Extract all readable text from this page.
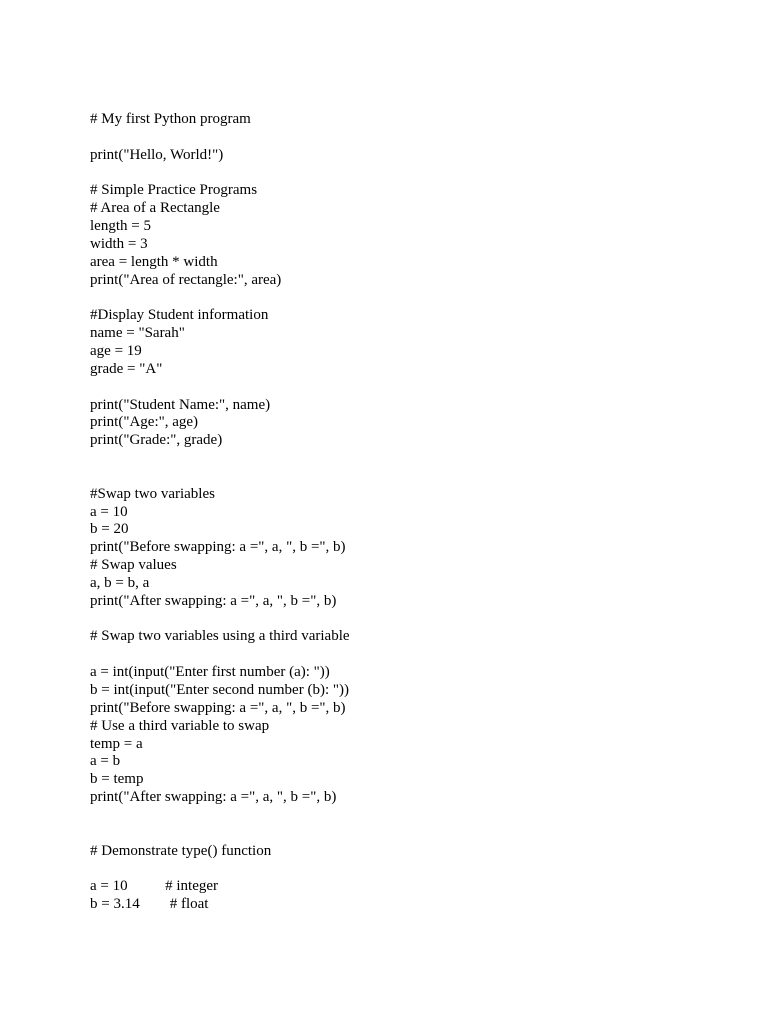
# My first Python program
print("Hello, World!")
# Simple Practice Programs
# Area of a Rectangle
length = 5
width = 3
area = length * width
print("Area of rectangle:", area)
#Display Student information
name = "Sarah"
age = 19
grade = "A"
print("Student Name:", name)
print("Age:", age)
print("Grade:", grade)
#Swap two variables
a = 10
b = 20
print("Before swapping: a =", a, ", b =", b)
# Swap values
a, b = b, a
print("After swapping: a =", a, ", b =", b)
# Swap two variables using a third variable
a = int(input("Enter first number (a): "))
b = int(input("Enter second number (b): "))
print("Before swapping: a =", a, ", b =", b)
# Use a third variable to swap
temp = a
a = b
b = temp
print("After swapping: a =", a, ", b =", b)
# Demonstrate type() function
a = 10          # integer
b = 3.14        # float
